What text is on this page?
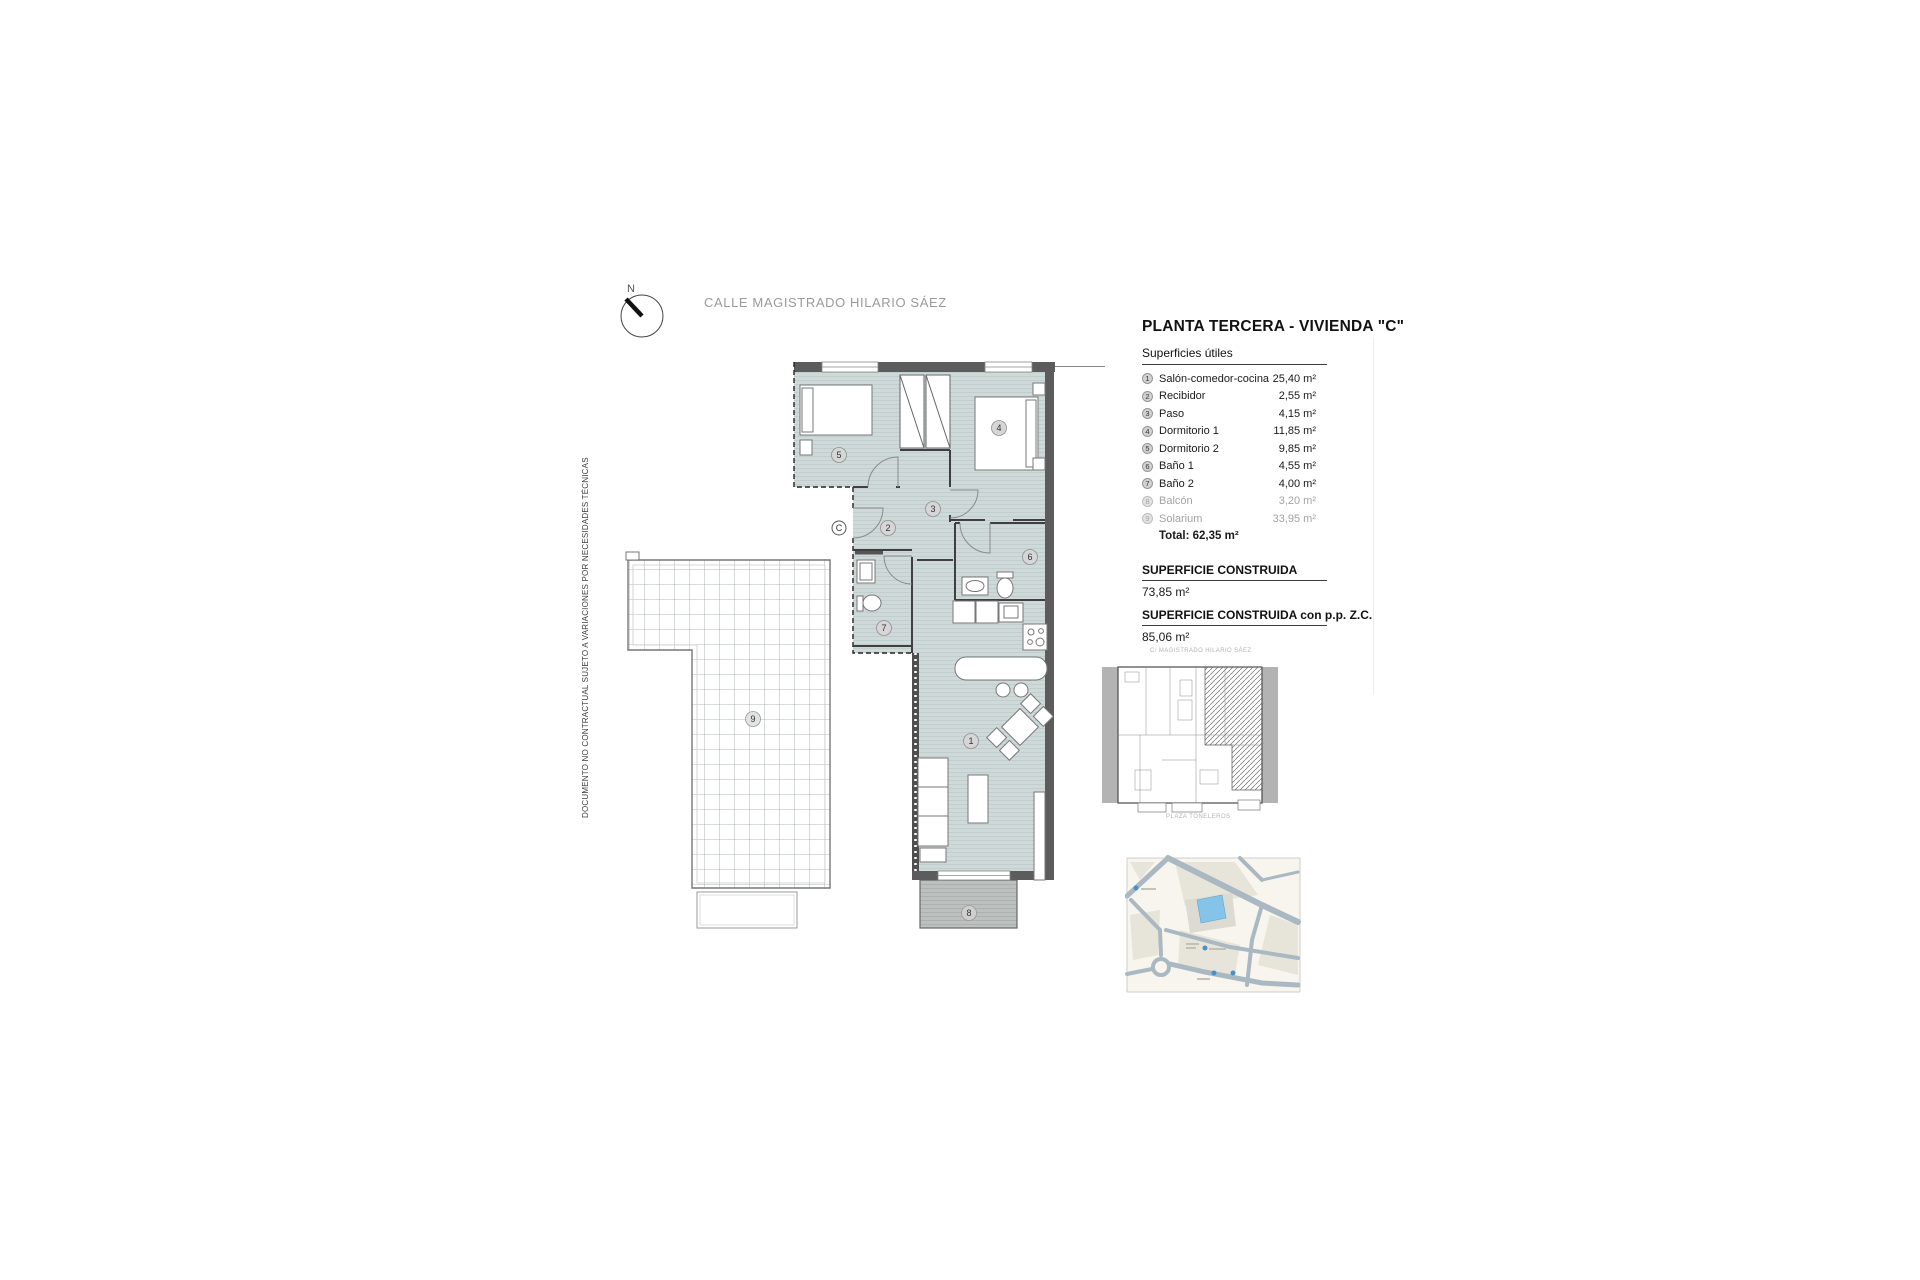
N
CALLE MAGISTRADO HILARIO SÁEZ
DOCUMENTO NO CONTRACTUAL SUJETO A VARIACIONES POR NECESIDADES TÉCNICAS	1
2
3
4
5
6
7
8
9
C
PLANTA TERCERA - VIVIENDA "C"
Superficies útiles
1 Salón-comedor-cocina 25,40 m²
2 Recibidor	2,55 m²
3 Paso	4,15 m²
4 Dormitorio 1	11,85 m²
5 Dormitorio 2	9,85 m²
6 Baño 1	4,55 m²
7 Baño 2	4,00 m²
8 Balcón	3,20 m²
9 Solarium	33,95 m²
Total: 62,35 m²
SUPERFICIE CONSTRUIDA
73,85 m²
SUPERFICIE CONSTRUIDA con p.p. Z.C.
85,06 m²
C/ MAGISTRADO HILARIO SÁEZ
PLAZA TONELEROS
